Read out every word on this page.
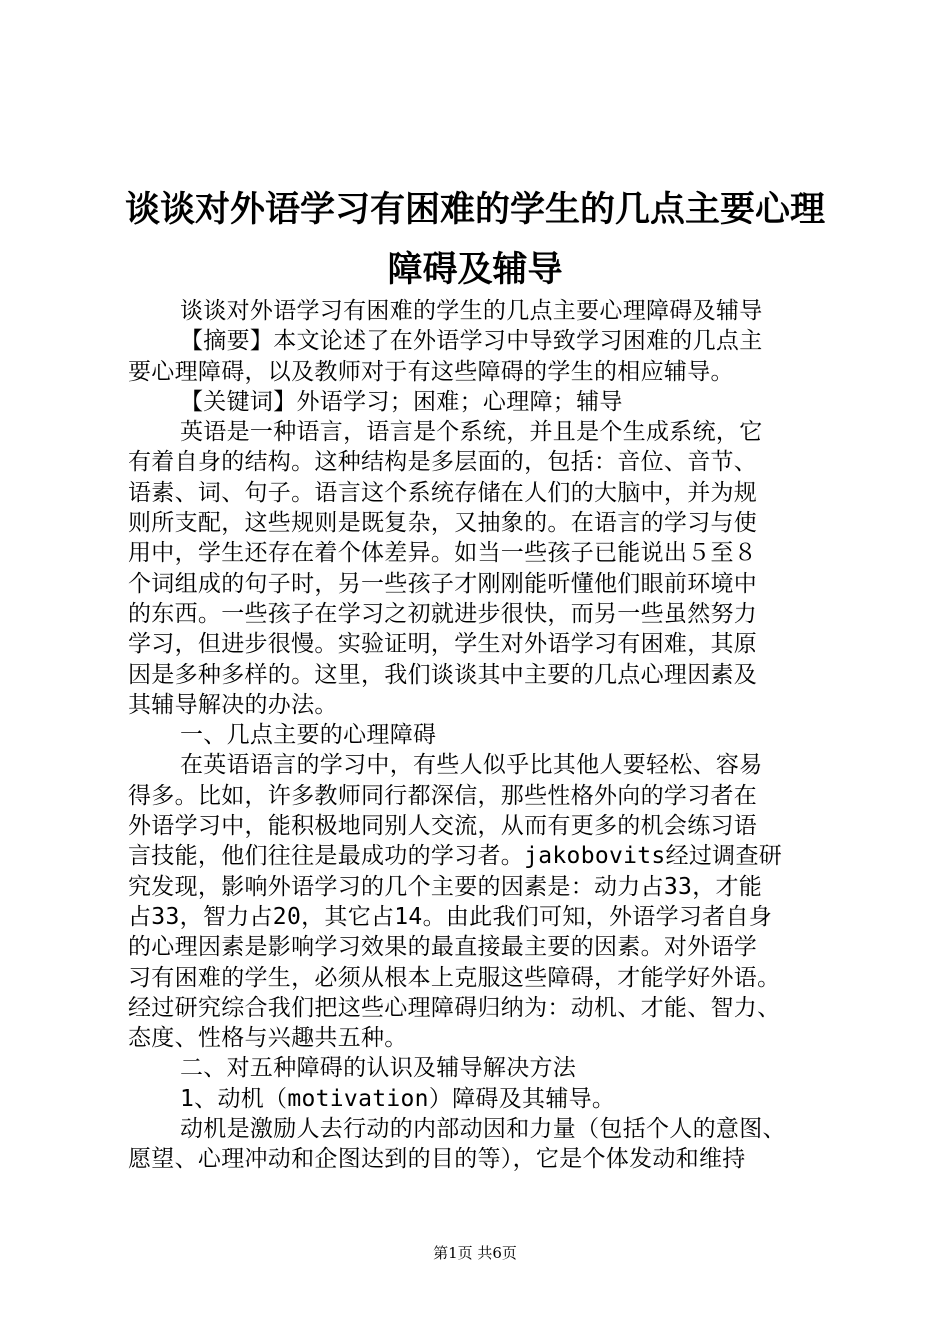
谈谈对外语学习有困难的学生的几点主要心理
障碍及辅导
谈谈对外语学习有困难的学生的几点主要心理障碍及辅导
【摘要】本文论述了在外语学习中导致学习困难的几点主
要心理障碍，以及教师对于有这些障碍的学生的相应辅导。
【关键词】外语学习；困难；心理障；辅导
英语是一种语言，语言是个系统，并且是个生成系统，它
有着自身的结构。这种结构是多层面的，包括：音位、音节、
语素、词、句子。语言这个系统存储在人们的大脑中，并为规
则所支配，这些规则是既复杂，又抽象的。在语言的学习与使
用中，学生还存在着个体差异。如当一些孩子已能说出５至８
个词组成的句子时，另一些孩子才刚刚能听懂他们眼前环境中
的东西。一些孩子在学习之初就进步很快，而另一些虽然努力
学习，但进步很慢。实验证明，学生对外语学习有困难，其原
因是多种多样的。这里，我们谈谈其中主要的几点心理因素及
其辅导解决的办法。
一、几点主要的心理障碍
在英语语言的学习中，有些人似乎比其他人要轻松、容易
得多。比如，许多教师同行都深信，那些性格外向的学习者在
外语学习中，能积极地同别人交流，从而有更多的机会练习语
言技能，他们往往是最成功的学习者。jakobovits经过调查研
究发现，影响外语学习的几个主要的因素是：动力占33，才能
占33，智力占20，其它占14。由此我们可知，外语学习者自身
的心理因素是影响学习效果的最直接最主要的因素。对外语学
习有困难的学生，必须从根本上克服这些障碍，才能学好外语。
经过研究综合我们把这些心理障碍归纳为：动机、才能、智力、
态度、性格与兴趣共五种。
二、对五种障碍的认识及辅导解决方法
1、动机（motivation）障碍及其辅导。
动机是激励人去行动的内部动因和力量（包括个人的意图、
愿望、心理冲动和企图达到的目的等），它是个体发动和维持
第1页 共6页
